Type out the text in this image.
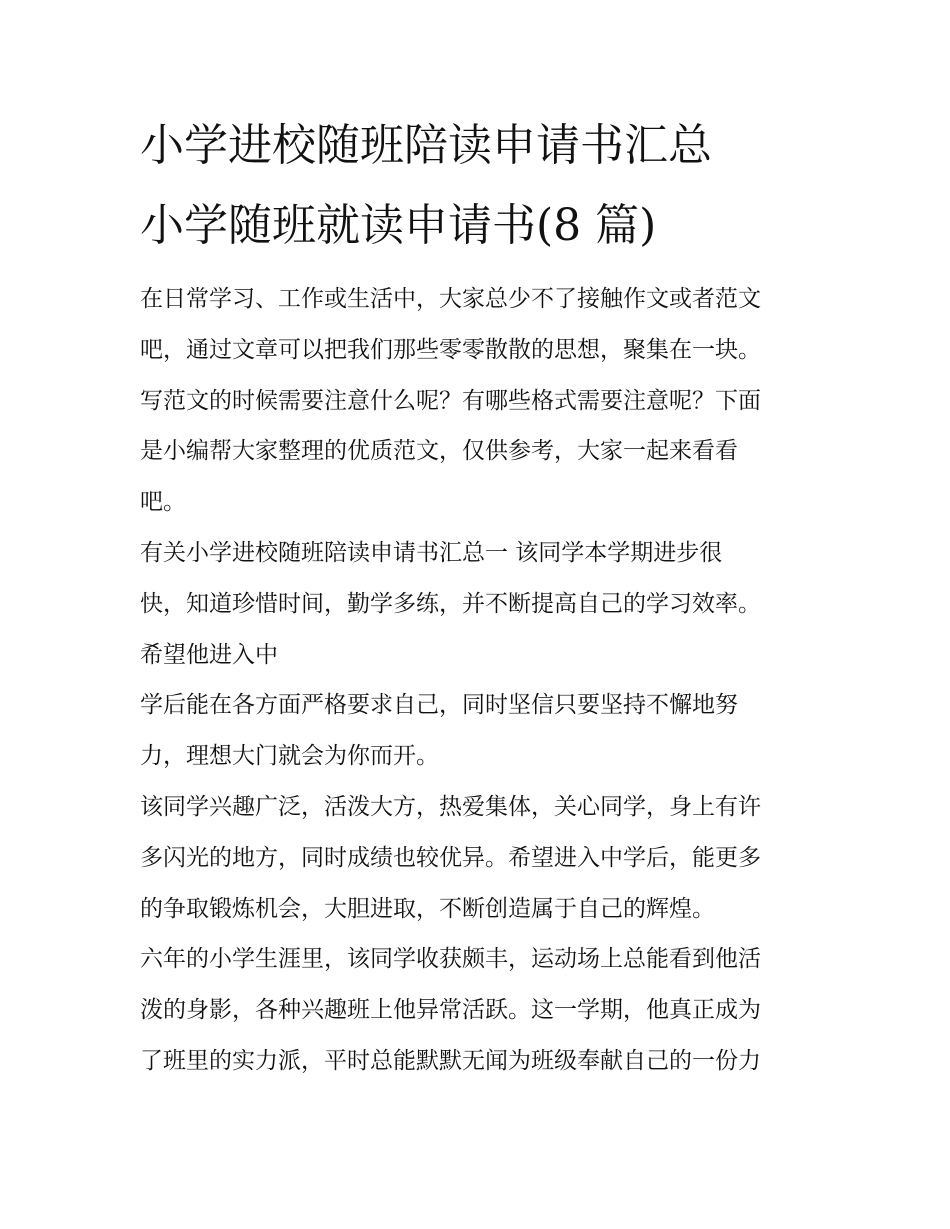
小学进校随班陪读申请书汇总
小学随班就读申请书(8 篇)
在日常学习、工作或生活中，大家总少不了接触作文或者范文
吧，通过文章可以把我们那些零零散散的思想，聚集在一块。
写范文的时候需要注意什么呢？有哪些格式需要注意呢？下面
是小编帮大家整理的优质范文，仅供参考，大家一起来看看
吧。
有关小学进校随班陪读申请书汇总一 该同学本学期进步很
快，知道珍惜时间，勤学多练，并不断提高自己的学习效率。
希望他进入中
学后能在各方面严格要求自己，同时坚信只要坚持不懈地努
力，理想大门就会为你而开。
该同学兴趣广泛，活泼大方，热爱集体，关心同学，身上有许
多闪光的地方，同时成绩也较优异。希望进入中学后，能更多
的争取锻炼机会，大胆进取，不断创造属于自己的辉煌。
六年的小学生涯里，该同学收获颇丰，运动场上总能看到他活
泼的身影，各种兴趣班上他异常活跃。这一学期，他真正成为
了班里的实力派，平时总能默默无闻为班级奉献自己的一份力
